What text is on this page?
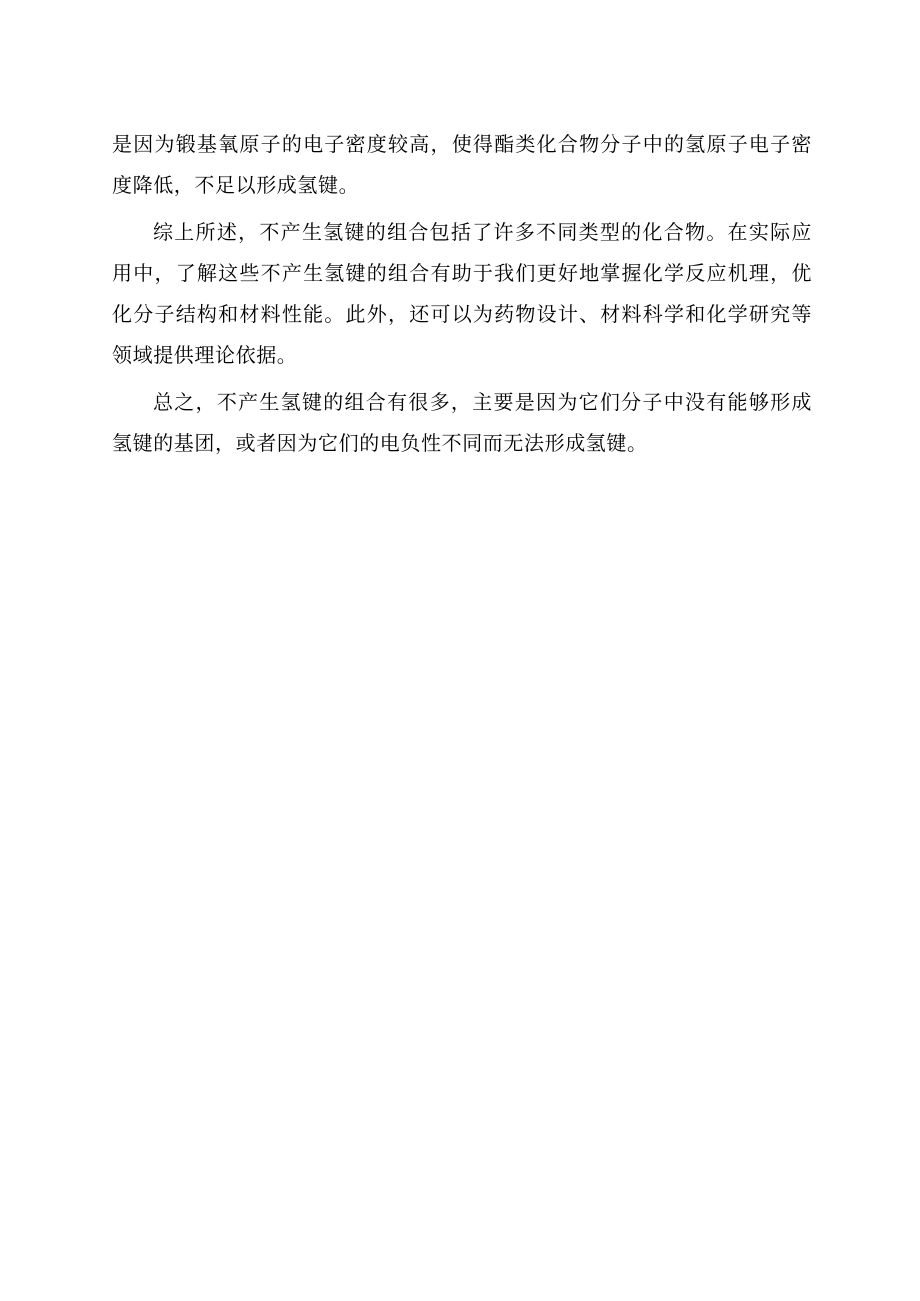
是因为锻基氧原子的电子密度较高，使得酯类化合物分子中的氢原子电子密度降低，不足以形成氢键。

综上所述，不产生氢键的组合包括了许多不同类型的化合物。在实际应用中，了解这些不产生氢键的组合有助于我们更好地掌握化学反应机理，优化分子结构和材料性能。此外，还可以为药物设计、材料科学和化学研究等领域提供理论依据。

总之，不产生氢键的组合有很多，主要是因为它们分子中没有能够形成氢键的基团，或者因为它们的电负性不同而无法形成氢键。
